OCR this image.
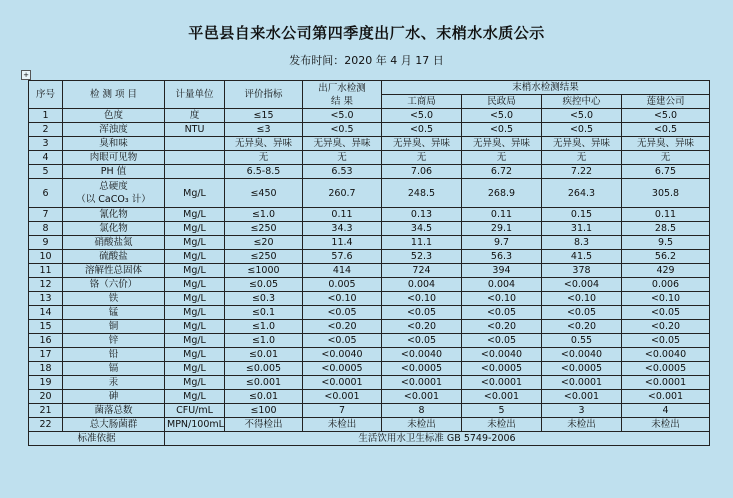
平邑县自来水公司第四季度出厂水、末梢水水质公示
发布时间：2020 年 4 月 17 日
+
序号	检 测 项 目	计量单位	评价指标	出厂水检测
结 果	末梢水检测结果			
					工商局	民政局	疾控中心	莲建公司
1	色度	度	≤15	<5.0	<5.0	<5.0	<5.0	<5.0
2	浑浊度	NTU	≤3	<0.5	<0.5	<0.5	<0.5	<0.5
3	臭和味		无异臭、异味	无异臭、异味	无异臭、异味	无异臭、异味	无异臭、异味	无异臭、异味
4	肉眼可见物		无	无	无	无	无	无
5	PH 值		6.5-8.5	6.53	7.06	6.72	7.22	6.75
6	总硬度
（以 CaCO₃ 计）	Mg/L	≤450	260.7	248.5	268.9	264.3	305.8
7	氰化物	Mg/L	≤1.0	0.11	0.13	0.11	0.15	0.11
8	氯化物	Mg/L	≤250	34.3	34.5	29.1	31.1	28.5
9	硝酸盐氮	Mg/L	≤20	11.4	11.1	9.7	8.3	9.5
10	硫酸盐	Mg/L	≤250	57.6	52.3	56.3	41.5	56.2
11	溶解性总固体	Mg/L	≤1000	414	724	394	378	429
12	铬（六价）	Mg/L	≤0.05	0.005	0.004	0.004	<0.004	0.006
13	铁	Mg/L	≤0.3	<0.10	<0.10	<0.10	<0.10	<0.10
14	锰	Mg/L	≤0.1	<0.05	<0.05	<0.05	<0.05	<0.05
15	铜	Mg/L	≤1.0	<0.20	<0.20	<0.20	<0.20	<0.20
16	锌	Mg/L	≤1.0	<0.05	<0.05	<0.05	0.55	<0.05
17	铅	Mg/L	≤0.01	<0.0040	<0.0040	<0.0040	<0.0040	<0.0040
18	镉	Mg/L	≤0.005	<0.0005	<0.0005	<0.0005	<0.0005	<0.0005
19	汞	Mg/L	≤0.001	<0.0001	<0.0001	<0.0001	<0.0001	<0.0001
20	砷	Mg/L	≤0.01	<0.001	<0.001	<0.001	<0.001	<0.001
21	菌落总数	CFU/mL	≤100	7	8	5	3	4
22	总大肠菌群	MPN/100mL	不得检出	未检出	未检出	未检出	未检出	未检出
标准依据		生活饮用水卫生标准 GB 5749-2006						
